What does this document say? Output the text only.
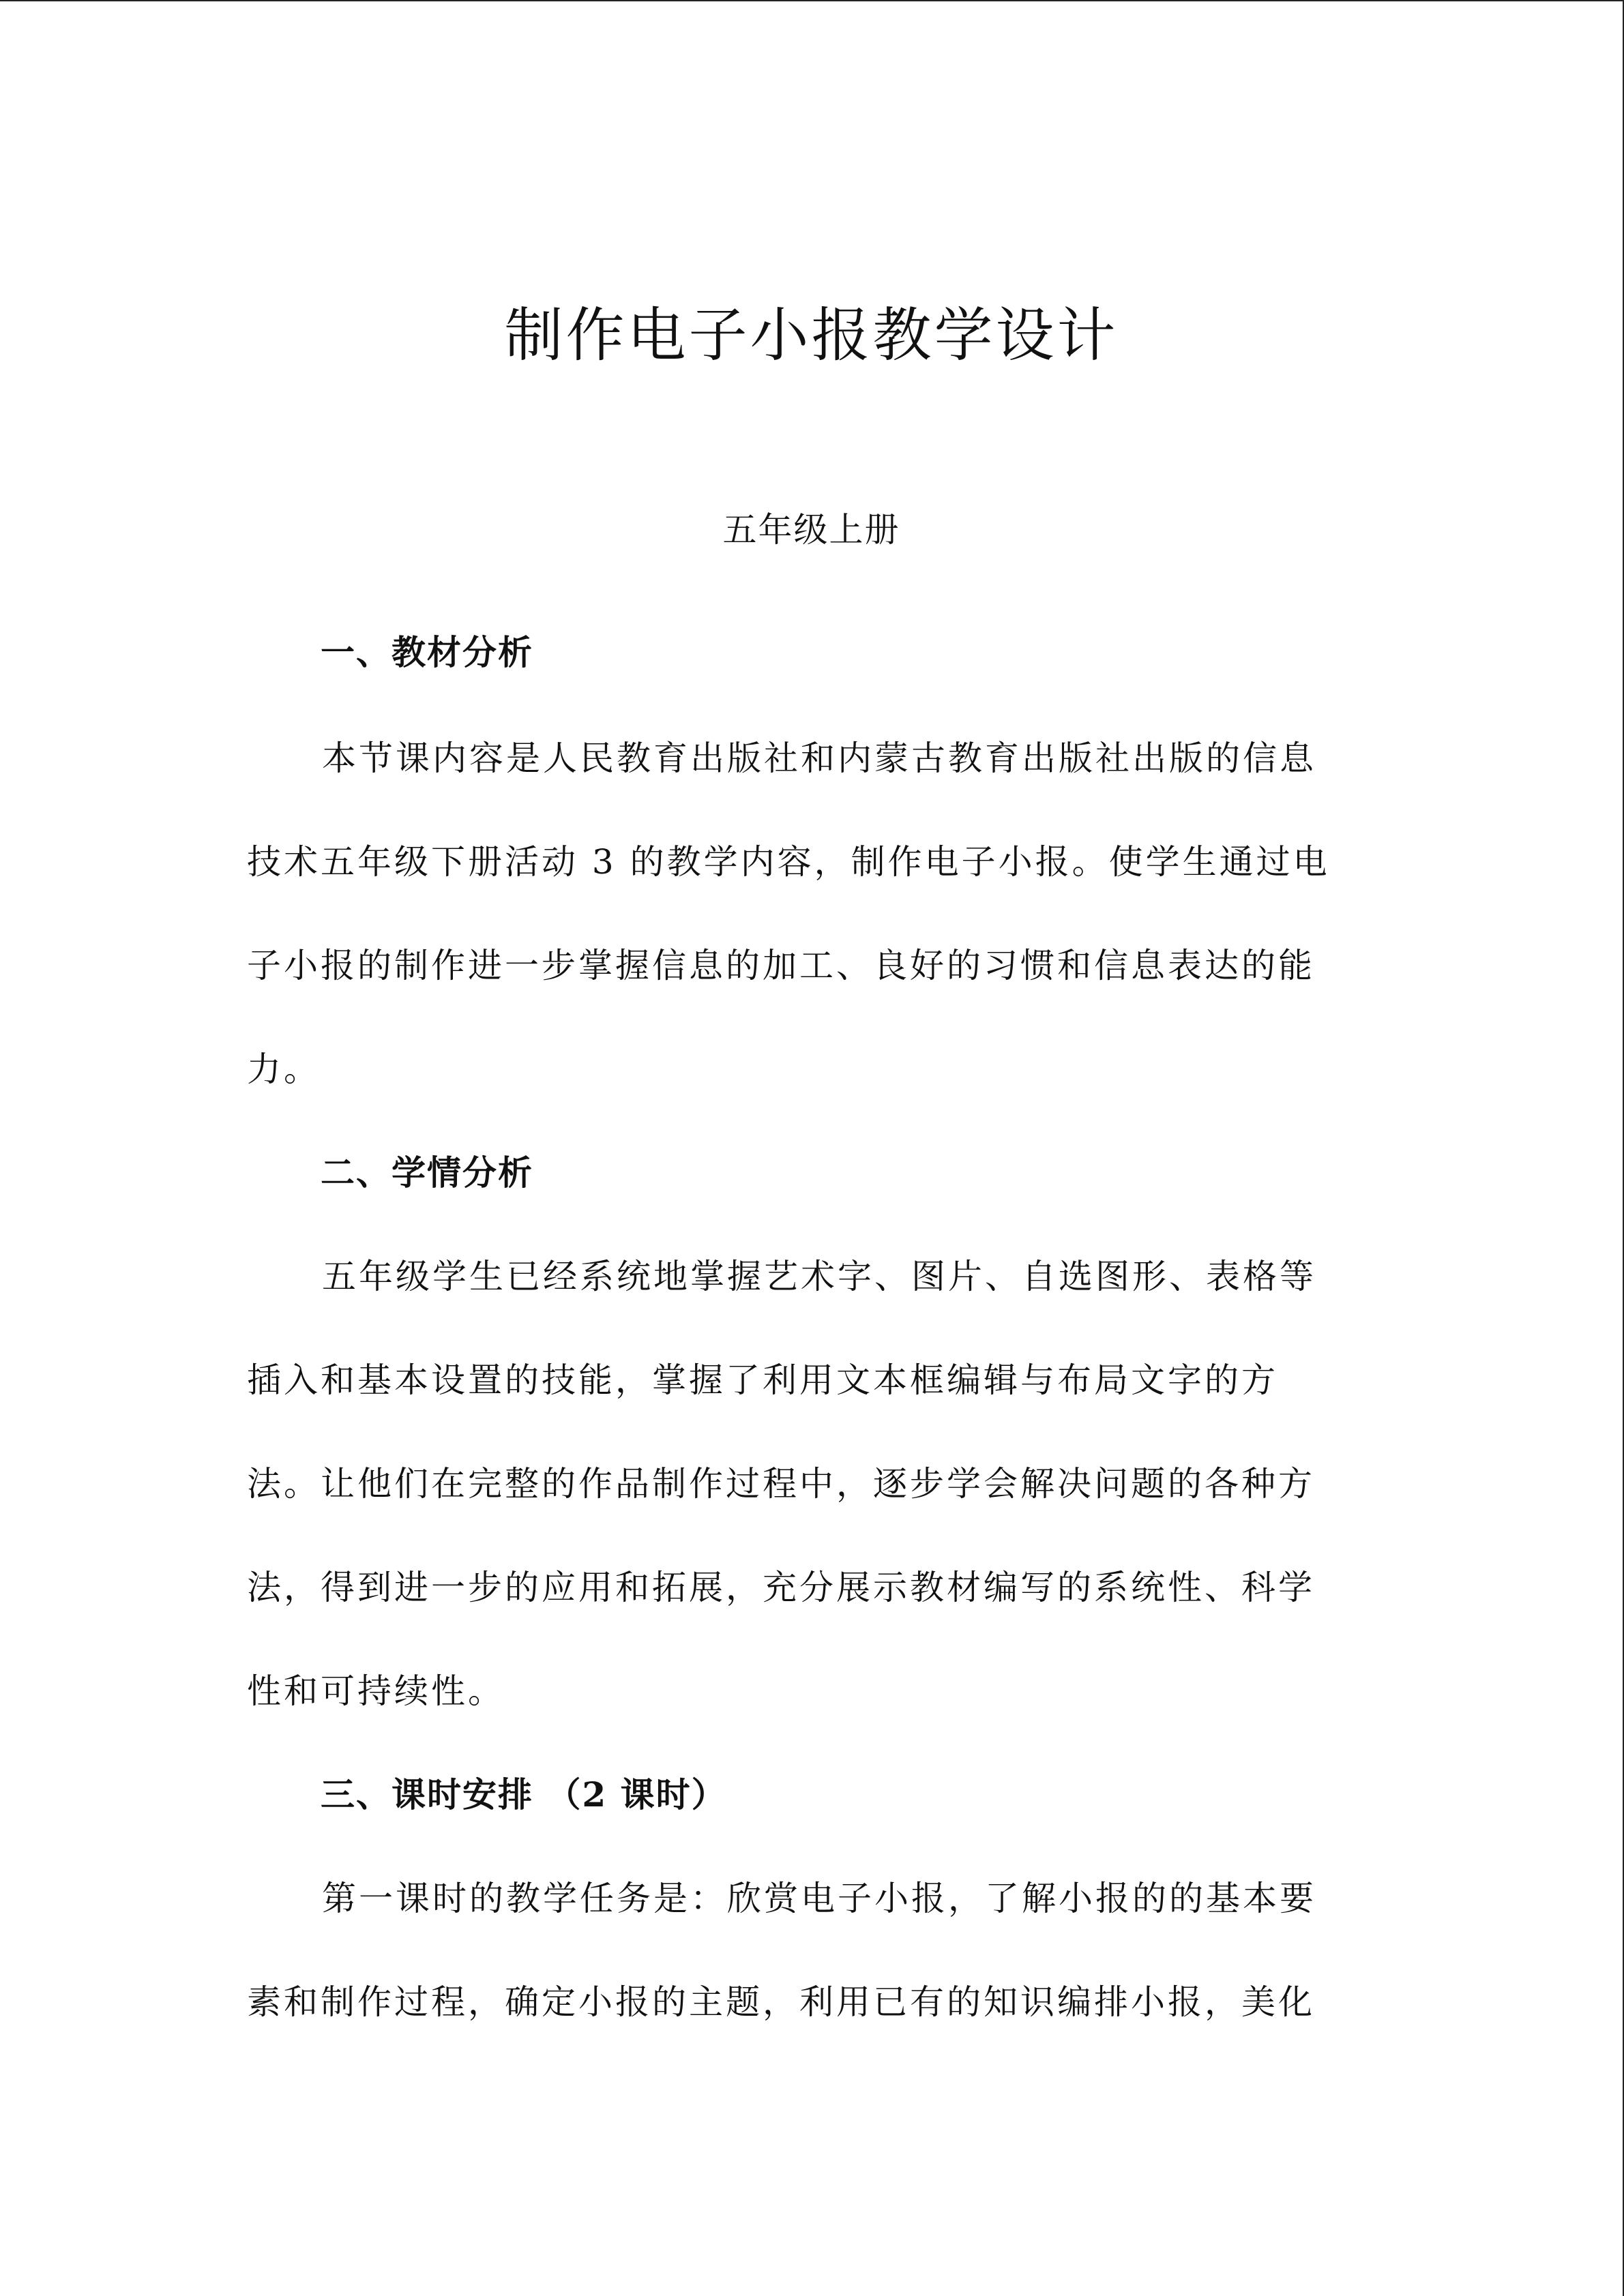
制作电子小报教学设计
五年级上册
一、教材分析
本节课内容是人民教育出版社和内蒙古教育出版社出版的信息
技术五年级下册活动 3 的教学内容，制作电子小报。使学生通过电
子小报的制作进一步掌握信息的加工、良好的习惯和信息表达的能
力。
二、学情分析
五年级学生已经系统地掌握艺术字、图片、自选图形、表格等
插入和基本设置的技能，掌握了利用文本框编辑与布局文字的方
法。让他们在完整的作品制作过程中，逐步学会解决问题的各种方
法，得到进一步的应用和拓展，充分展示教材编写的系统性、科学
性和可持续性。
三、课时安排 （2 课时）
第一课时的教学任务是：欣赏电子小报，了解小报的的基本要
素和制作过程，确定小报的主题，利用已有的知识编排小报，美化
